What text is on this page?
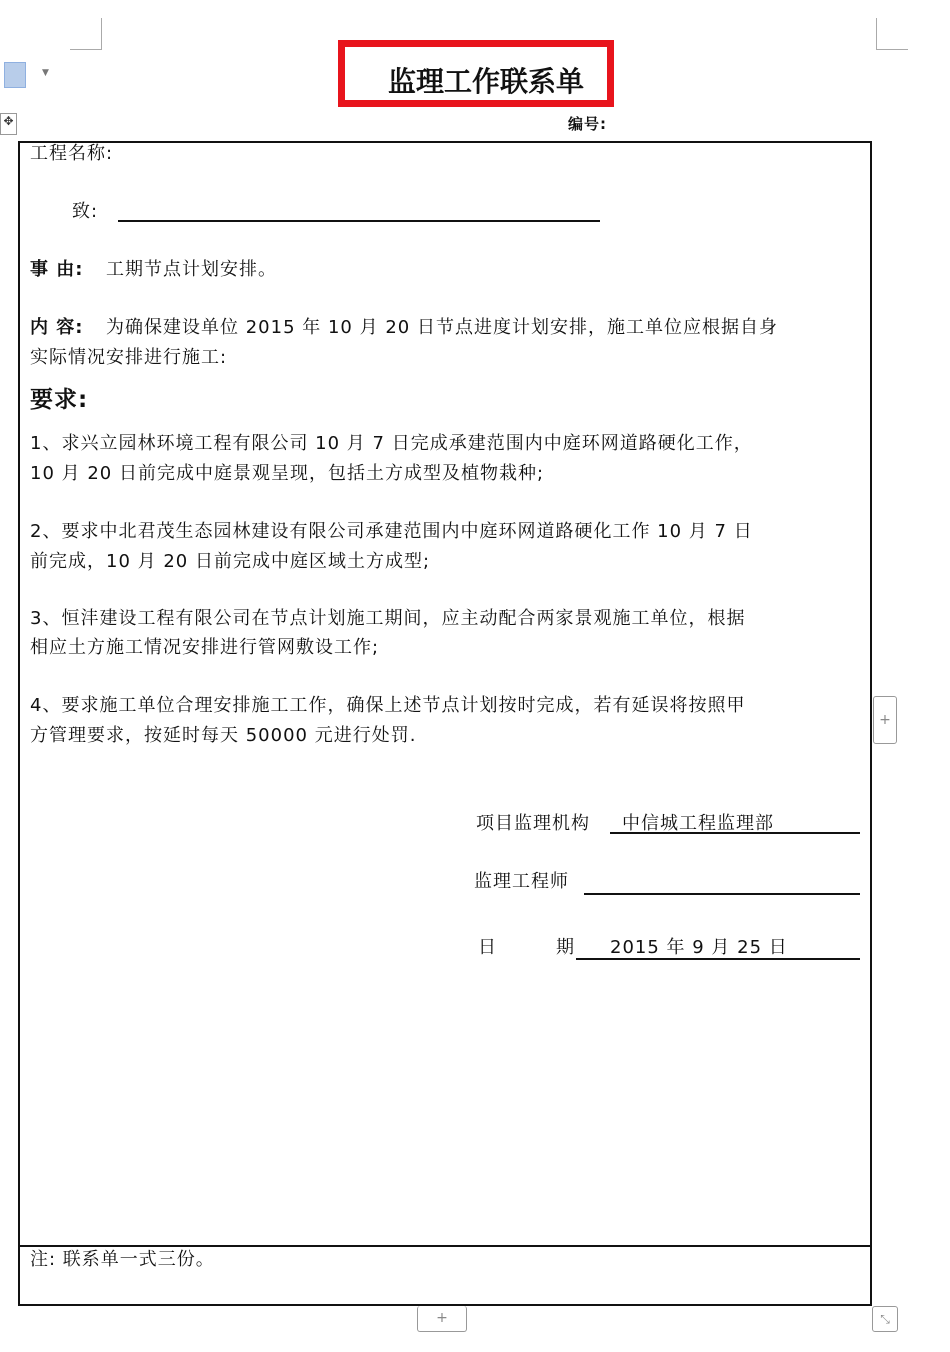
▼
✥
监理工作联系单
编号:
工程名称:
致:
事 由: 工期节点计划安排。
内 容: 为确保建设单位 2015 年 10 月 20 日节点进度计划安排，施工单位应根据自身
实际情况安排进行施工:
要求:
1、求兴立园林环境工程有限公司 10 月 7 日完成承建范围内中庭环网道路硬化工作，
10 月 20 日前完成中庭景观呈现，包括土方成型及植物栽种;
2、要求中北君茂生态园林建设有限公司承建范围内中庭环网道路硬化工作 10 月 7 日
前完成，10 月 20 日前完成中庭区域土方成型;
3、恒沣建设工程有限公司在节点计划施工期间，应主动配合两家景观施工单位，根据
相应土方施工情况安排进行管网敷设工作;
4、要求施工单位合理安排施工工作，确保上述节点计划按时完成，若有延误将按照甲
方管理要求，按延时每天 50000 元进行处罚.
+
项目监理机构 中信城工程监理部
监理工程师
日	期 2015 年 9 月 25 日
注: 联系单一式三份。
+	⤡
